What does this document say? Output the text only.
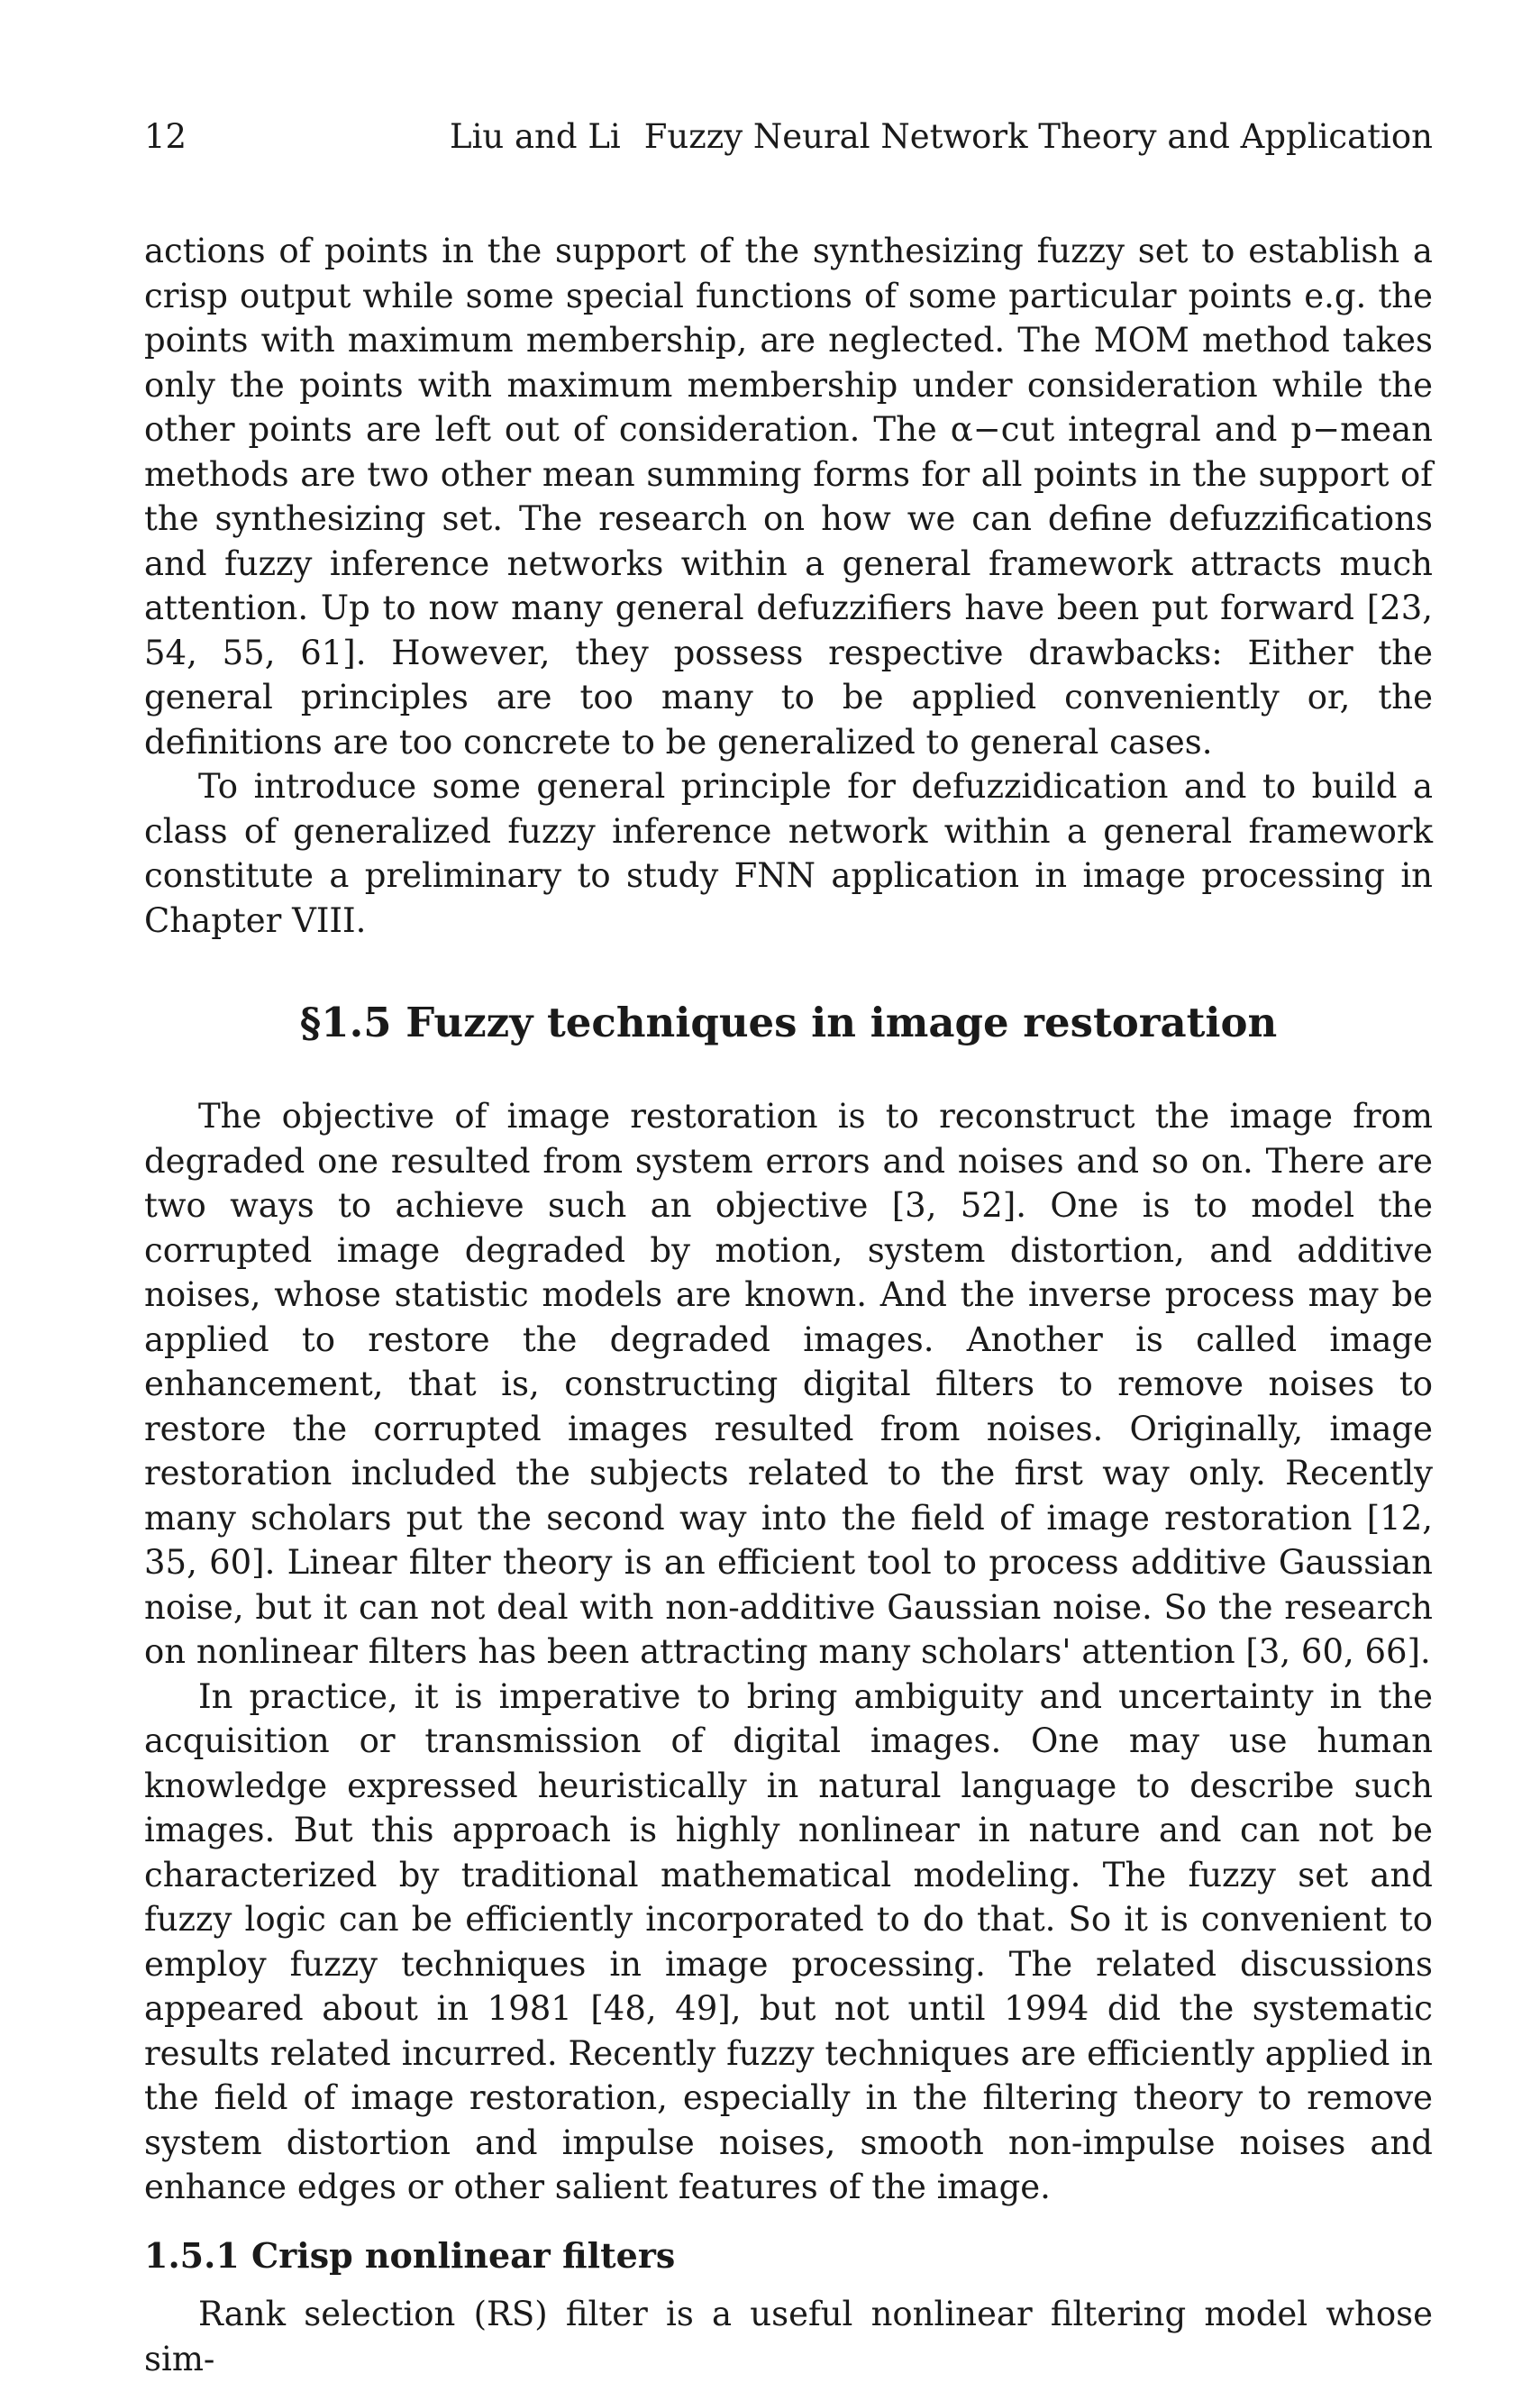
12	Liu and Li Fuzzy Neural Network Theory and Application

actions of points in the support of the synthesizing fuzzy set to establish a crisp output while some special functions of some particular points e.g. the points with maximum membership, are neglected. The MOM method takes only the points with maximum membership under consideration while the other points are left out of consideration. The α−cut integral and p−mean methods are two other mean summing forms for all points in the support of the synthesizing set. The research on how we can define defuzzifications and fuzzy inference networks within a general framework attracts much attention. Up to now many general defuzzifiers have been put forward [23, 54, 55, 61]. However, they possess respective drawbacks: Either the general principles are too many to be applied conveniently or, the definitions are too concrete to be generalized to general cases.

To introduce some general principle for defuzzidication and to build a class of generalized fuzzy inference network within a general framework constitute a preliminary to study FNN application in image processing in Chapter VIII.

§1.5 Fuzzy techniques in image restoration

The objective of image restoration is to reconstruct the image from degraded one resulted from system errors and noises and so on. There are two ways to achieve such an objective [3, 52]. One is to model the corrupted image degraded by motion, system distortion, and additive noises, whose statistic models are known. And the inverse process may be applied to restore the degraded images. Another is called image enhancement, that is, constructing digital filters to remove noises to restore the corrupted images resulted from noises. Originally, image restoration included the subjects related to the first way only. Recently many scholars put the second way into the field of image restoration [12, 35, 60]. Linear filter theory is an efficient tool to process additive Gaussian noise, but it can not deal with non-additive Gaussian noise. So the research on nonlinear filters has been attracting many scholars' attention [3, 60, 66].

In practice, it is imperative to bring ambiguity and uncertainty in the acquisition or transmission of digital images. One may use human knowledge expressed heuristically in natural language to describe such images. But this approach is highly nonlinear in nature and can not be characterized by traditional mathematical modeling. The fuzzy set and fuzzy logic can be efficiently incorporated to do that. So it is convenient to employ fuzzy techniques in image processing. The related discussions appeared about in 1981 [48, 49], but not until 1994 did the systematic results related incurred. Recently fuzzy techniques are efficiently applied in the field of image restoration, especially in the filtering theory to remove system distortion and impulse noises, smooth non-impulse noises and enhance edges or other salient features of the image.

1.5.1 Crisp nonlinear filters

Rank selection (RS) filter is a useful nonlinear filtering model whose sim-
